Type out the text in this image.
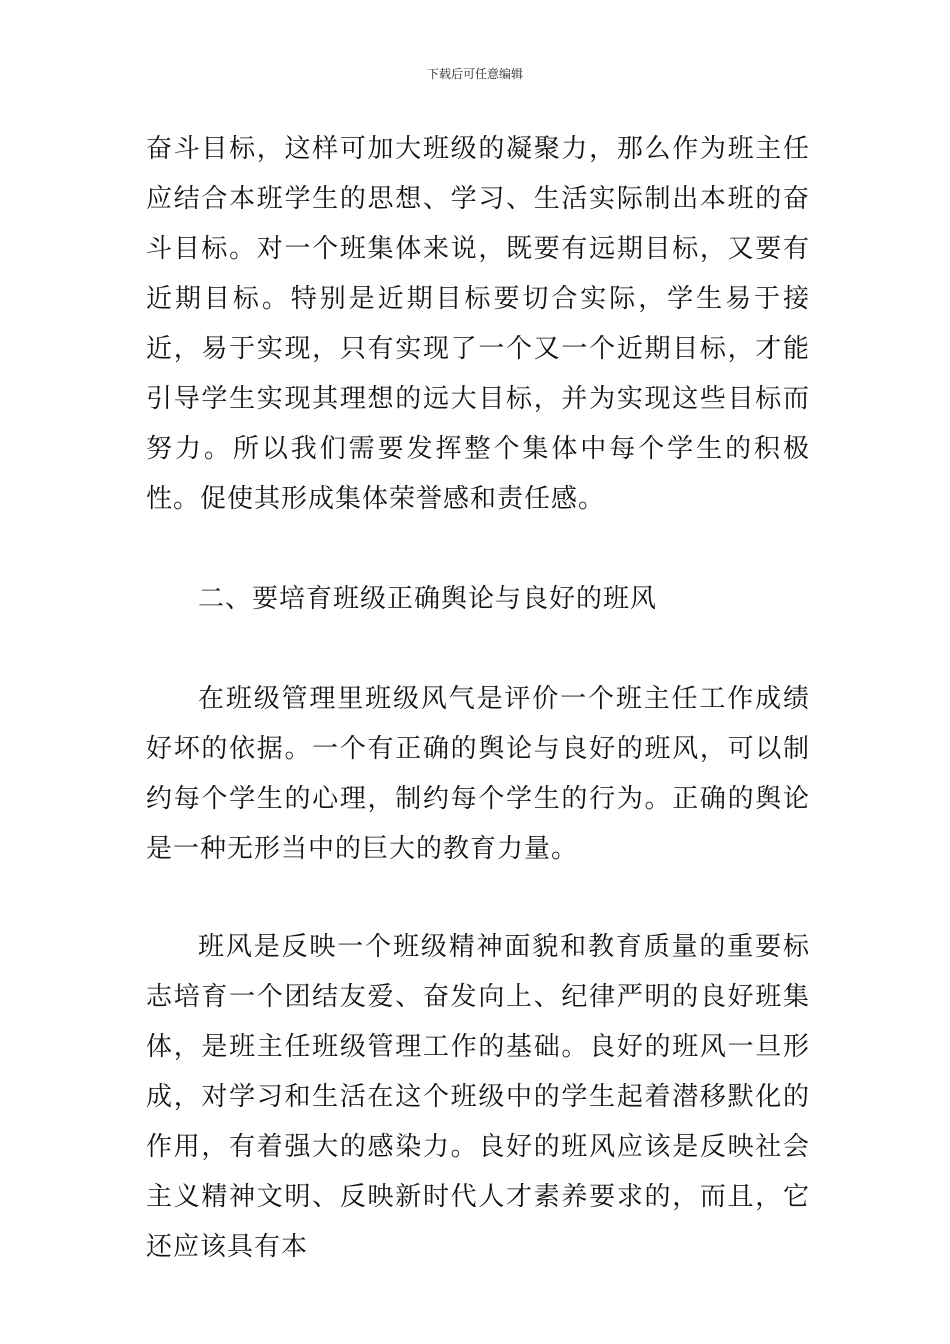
下载后可任意编辑

奋斗目标，这样可加大班级的凝聚力，那么作为班主任应结合本班学生的思想、学习、生活实际制出本班的奋斗目标。对一个班集体来说，既要有远期目标，又要有近期目标。特别是近期目标要切合实际，学生易于接近，易于实现，只有实现了一个又一个近期目标，才能引导学生实现其理想的远大目标，并为实现这些目标而努力。所以我们需要发挥整个集体中每个学生的积极性。促使其形成集体荣誉感和责任感。

二、要培育班级正确舆论与良好的班风

在班级管理里班级风气是评价一个班主任工作成绩好坏的依据。一个有正确的舆论与良好的班风，可以制约每个学生的心理，制约每个学生的行为。正确的舆论是一种无形当中的巨大的教育力量。

班风是反映一个班级精神面貌和教育质量的重要标志培育一个团结友爱、奋发向上、纪律严明的良好班集体，是班主任班级管理工作的基础。良好的班风一旦形成，对学习和生活在这个班级中的学生起着潜移默化的作用，有着强大的感染力。良好的班风应该是反映社会主义精神文明、反映新时代人才素养要求的，而且，它还应该具有本
